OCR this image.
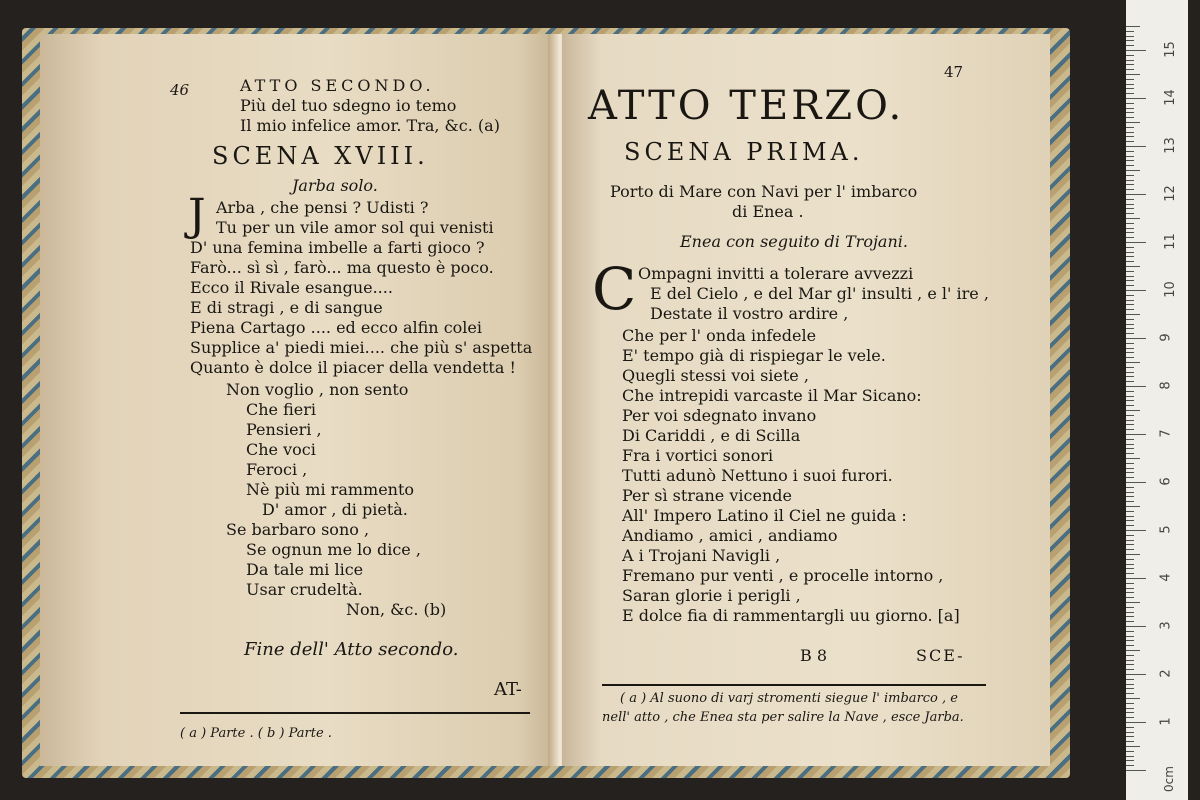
46	ATTO SECONDO.
Più del tuo sdegno io temo
Il mio infelice amor. Tra, &c. (a)
SCENA XVIII.
Jarba solo.
J Arba , che pensi ? Udisti ?
Tu per un vile amor sol qui venisti
D' una femina imbelle a farti gioco ?
Farò... sì sì , farò... ma questo è poco.
Ecco il Rivale esangue....
E di stragi , e di sangue
Piena Cartago .... ed ecco alfin colei
Supplice a' piedi miei.... che più s' aspetta
Quanto è dolce il piacer della vendetta !
Non voglio , non sento
Che fieri
Pensieri ,
Che voci
Feroci ,
Nè più mi rammento
D' amor , di pietà.
Se barbaro sono ,
Se ognun me lo dice ,
Da tale mi lice
Usar crudeltà.
Non, &c. (b)
Fine dell' Atto secondo.
AT-
( a ) Parte . ( b ) Parte .
47
ATTO TERZO.
SCENA PRIMA.
Porto di Mare con Navi per l' imbarco
di Enea .
Enea con seguito di Trojani.
C Ompagni invitti a tolerare avvezzi
E del Cielo , e del Mar gl' insulti , e l' ire ,
Destate il vostro ardire ,
Che per l' onda infedele
E' tempo già di rispiegar le vele.
Quegli stessi voi siete ,
Che intrepidi varcaste il Mar Sicano:
Per voi sdegnato invano
Di Cariddi , e di Scilla
Fra i vortici sonori
Tutti adunò Nettuno i suoi furori.
Per sì strane vicende
All' Impero Latino il Ciel ne guida :
Andiamo , amici , andiamo
A i Trojani Navigli ,
Fremano pur venti , e procelle intorno ,
Saran glorie i perigli ,
E dolce fia di rammentargli uu giorno. [a]
B 8	SCE-
( a ) Al suono di varj stromenti siegue l' imbarco , e
nell' atto , che Enea sta per salire la Nave , esce Jarba.
0cm
1
2
3
4
5
6
7
8
9
10
11
12
13
14
15
